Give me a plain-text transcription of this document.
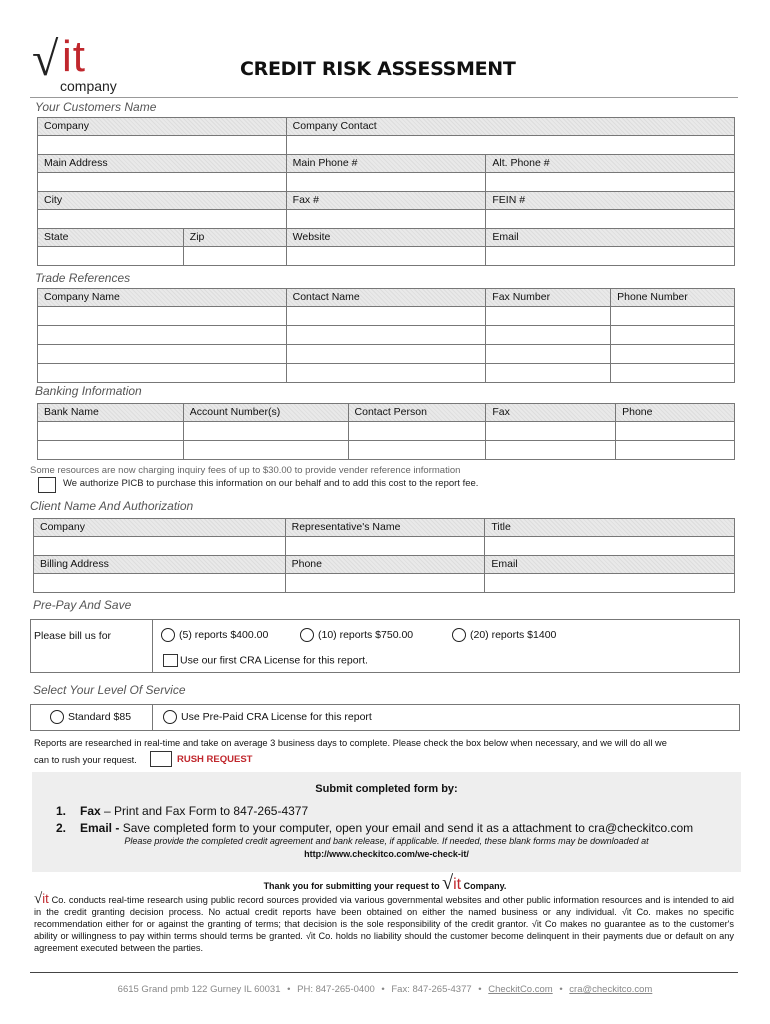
√ it
company
CREDIT RISK ASSESSMENT
Your Customers Name
Company		Company Contact	

Main Address		Main Phone #	Alt. Phone #

City		Fax #	FEIN #

State	Zip	Website	Email

Trade References
Company Name	Contact Name	Fax Number	Phone Number

Banking Information
Bank Name	Account Number(s)	Contact Person	Fax	Phone

Some resources are now charging inquiry fees of up to $30.00 to provide vender reference information
We authorize PICB to purchase this information on our behalf and to add this cost to the report fee.
Client Name And Authorization
Company	Representative's Name	Title

Billing Address	Phone	Email

Pre-Pay And Save
Please bill us for	(5) reports $400.00	(10) reports $750.00	(20) reports $1400
Use our first CRA License for this report.
Select Your Level Of Service
Standard $85	Use Pre-Paid CRA License for this report
Reports are researched in real-time and take on average 3 business days to complete. Please check the box below when necessary, and we will do all we
can to rush your request.	RUSH REQUEST
Submit completed form by:
1. Fax – Print and Fax Form to 847-265-4377
2. Email - Save completed form to your computer, open your email and send it as a attachment to cra@checkitco.com
Please provide the completed credit agreement and bank release, if applicable. If needed, these blank forms may be downloaded at
http://www.checkitco.com/we-check-it/
Thank you for submitting your request to √it Company.
√it Co. conducts real-time research using public record sources provided via various governmental websites and other public information resources and is intended to aid in the credit granting decision process. No actual credit reports have been obtained on either the named business or any individual. √it Co. makes no specific recommendation either for or against the granting of terms; that decision is the sole responsibility of the credit grantor. √it Co makes no guarantee as to the customer's ability or willingness to pay within terms should terms be granted. √it Co. holds no liability should the customer become delinquent in their payments due or default on any agreement executed between the parties.
6615 Grand pmb 122 Gurney IL 60031 • PH: 847-265-0400 • Fax: 847-265-4377 • CheckitCo.com • cra@checkitco.com
